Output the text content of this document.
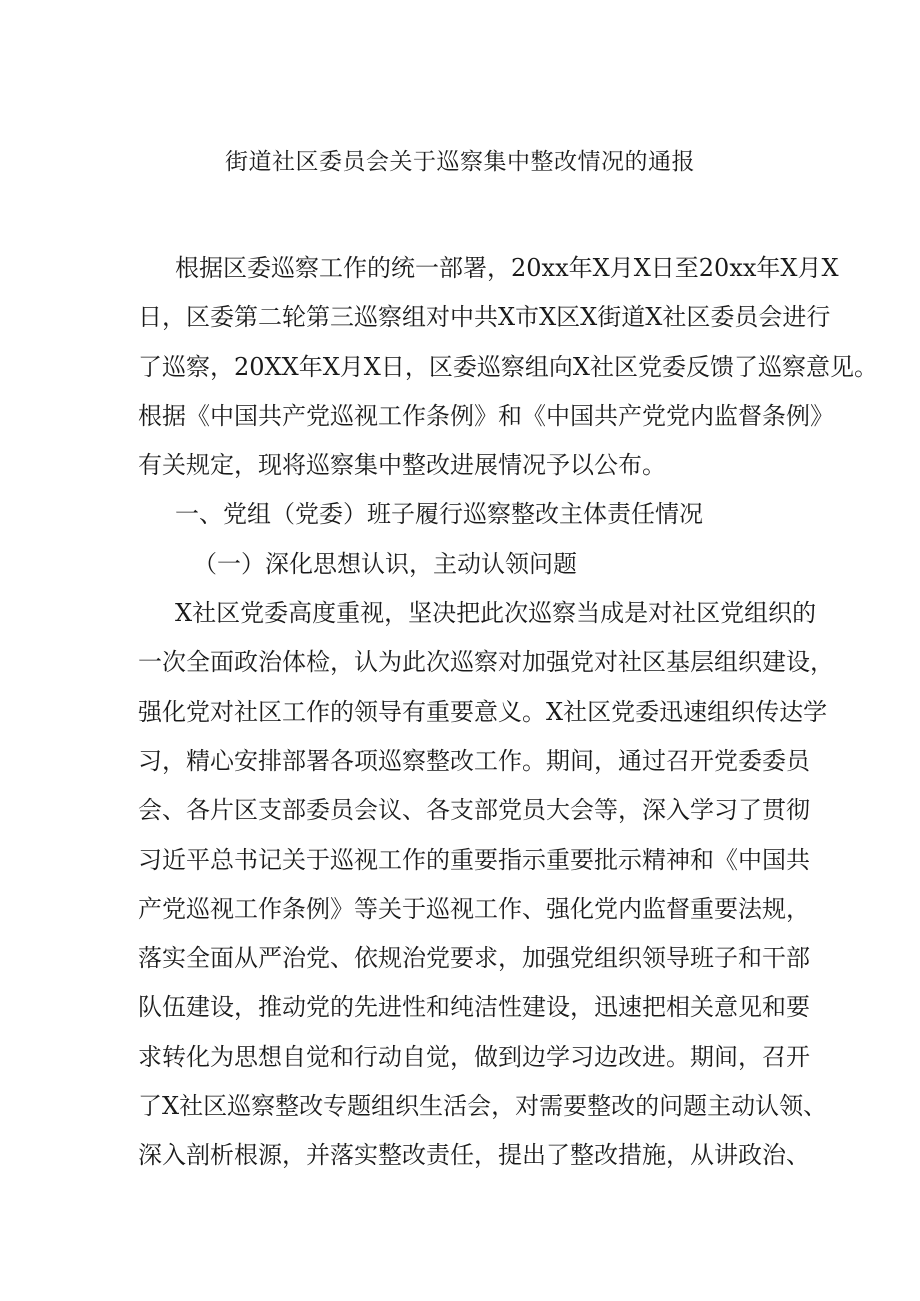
街道社区委员会关于巡察集中整改情况的通报
根据区委巡察工作的统一部署，20xx年X月X日至20xx年X月X
日，区委第二轮第三巡察组对中共X市X区X街道X社区委员会进行
了巡察，20XX年X月X日，区委巡察组向X社区党委反馈了巡察意见。
根据《中国共产党巡视工作条例》和《中国共产党党内监督条例》
有关规定，现将巡察集中整改进展情况予以公布。
一、党组（党委）班子履行巡察整改主体责任情况
（一）深化思想认识，主动认领问题
X社区党委高度重视，坚决把此次巡察当成是对社区党组织的
一次全面政治体检，认为此次巡察对加强党对社区基层组织建设，
强化党对社区工作的领导有重要意义。X社区党委迅速组织传达学
习，精心安排部署各项巡察整改工作。期间，通过召开党委委员
会、各片区支部委员会议、各支部党员大会等，深入学习了贯彻
习近平总书记关于巡视工作的重要指示重要批示精神和《中国共
产党巡视工作条例》等关于巡视工作、强化党内监督重要法规，
落实全面从严治党、依规治党要求，加强党组织领导班子和干部
队伍建设，推动党的先进性和纯洁性建设，迅速把相关意见和要
求转化为思想自觉和行动自觉，做到边学习边改进。期间，召开
了X社区巡察整改专题组织生活会，对需要整改的问题主动认领、
深入剖析根源，并落实整改责任，提出了整改措施，从讲政治、
